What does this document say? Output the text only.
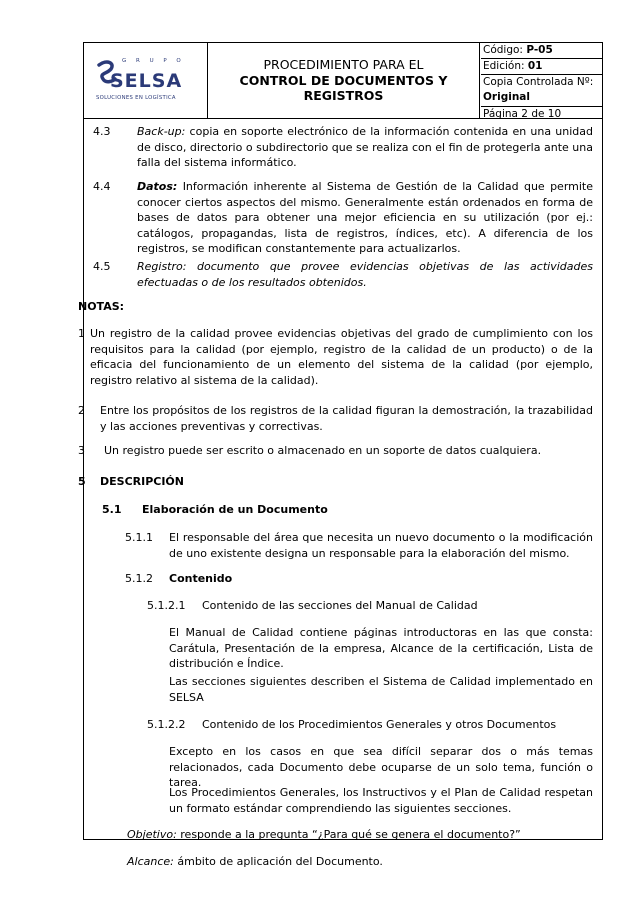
G R U P O
SELSA
SOLUCIONES EN LOGÍSTICA
PROCEDIMIENTO PARA EL
CONTROL DE DOCUMENTOS Y
REGISTROS
Código: P-05
Edición: 01
Copia Controlada Nº:
Original
Página 2 de 10
4.3 Back-up: copia en soporte electrónico de la información contenida en una unidad de disco, directorio o subdirectorio que se realiza con el fin de protegerla ante una falla del sistema informático.
4.4 Datos: Información inherente al Sistema de Gestión de la Calidad que permite conocer ciertos aspectos del mismo. Generalmente están ordenados en forma de bases de datos para obtener una mejor eficiencia en su utilización (por ej.: catálogos, propagandas, lista de registros, índices, etc). A diferencia de los registros, se modifican constantemente para actualizarlos.
4.5 Registro: documento que provee evidencias objetivas de las actividades efectuadas o de los resultados obtenidos.
NOTAS:
1 Un registro de la calidad provee evidencias objetivas del grado de cumplimiento con los requisitos para la calidad (por ejemplo, registro de la calidad de un producto) o de la eficacia del funcionamiento de un elemento del sistema de la calidad (por ejemplo, registro relativo al sistema de la calidad).
2 Entre los propósitos de los registros de la calidad figuran la demostración, la trazabilidad y las acciones preventivas y correctivas.
3 Un registro puede ser escrito o almacenado en un soporte de datos cualquiera.
5 DESCRIPCIÓN
5.1 Elaboración de un Documento
5.1.1 El responsable del área que necesita un nuevo documento o la modificación de uno existente designa un responsable para la elaboración del mismo.
5.1.2 Contenido
5.1.2.1 Contenido de las secciones del Manual de Calidad
El Manual de Calidad contiene páginas introductoras en las que consta: Carátula, Presentación de la empresa, Alcance de la certificación, Lista de distribución e Índice.
Las secciones siguientes describen el Sistema de Calidad implementado en SELSA
5.1.2.2 Contenido de los Procedimientos Generales y otros Documentos
Excepto en los casos en que sea difícil separar dos o más temas relacionados, cada Documento debe ocuparse de un solo tema, función o tarea.
Los Procedimientos Generales, los Instructivos y el Plan de Calidad respetan un formato estándar comprendiendo las siguientes secciones.
Objetivo: responde a la pregunta “¿Para qué se genera el documento?”
Alcance: ámbito de aplicación del Documento.
